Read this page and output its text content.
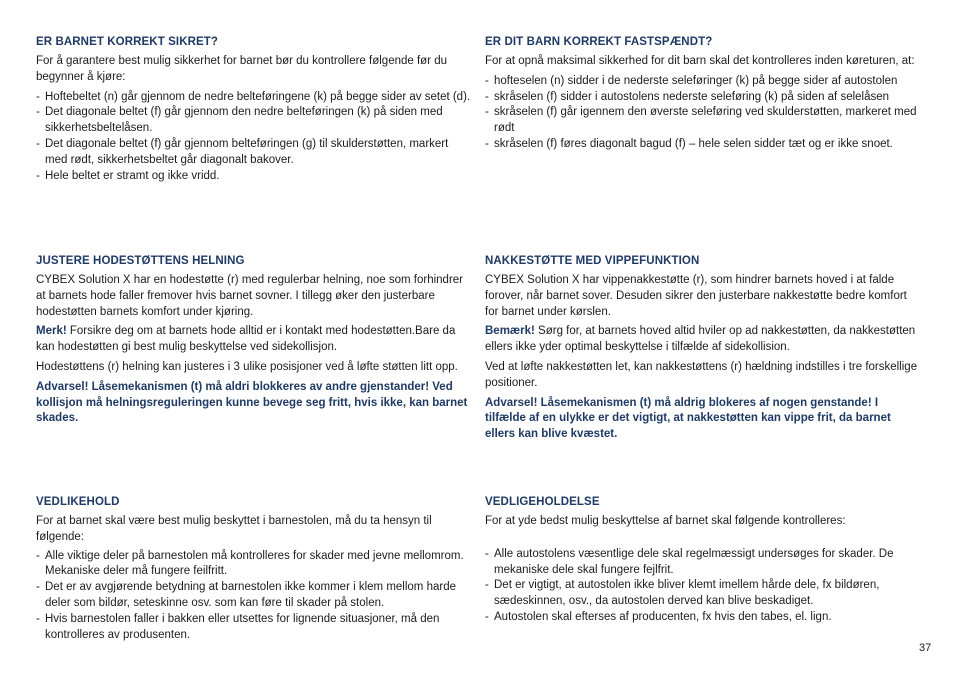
ER BARNET KORREKT SIKRET?

For å garantere best mulig sikkerhet for barnet bør du kontrollere følgende før du begynner å kjøre:

- Hoftebeltet (n) går gjennom de nedre belteføringene (k) på begge sider av setet (d).
- Det diagonale beltet (f) går gjennom den nedre belteføringen (k) på siden med sikkerhetsbeltelåsen.
- Det diagonale beltet (f) går gjennom belteføringen (g) til skulderstøtten, markert med rødt, sikkerhetsbeltet går diagonalt bakover.
- Hele beltet er stramt og ikke vridd.
JUSTERE HODESTØTTENS HELNING

CYBEX Solution X har en hodestøtte (r) med regulerbar helning, noe som forhindrer at barnets hode faller fremover hvis barnet sovner. I tillegg øker den justerbare hodestøtten barnets komfort under kjøring.

Merk! Forsikre deg om at barnets hode alltid er i kontakt med hodestøtten.Bare da kan hodestøtten gi best mulig beskyttelse ved sidekollisjon.

Hodestøttens (r) helning kan justeres i 3 ulike posisjoner ved å løfte støtten litt opp.

Advarsel! Låsemekanismen (t) må aldri blokkeres av andre gjenstander! Ved kollisjon må helningsreguleringen kunne bevege seg fritt, hvis ikke, kan barnet skades.

VEDLIKEHOLD

For at barnet skal være best mulig beskyttet i barnestolen, må du ta hensyn til følgende:

- Alle viktige deler på barnestolen må kontrolleres for skader med jevne mellomrom. Mekaniske deler må fungere feilfritt.
- Det er av avgjørende betydning at barnestolen ikke kommer i klem mellom harde deler som bildør, seteskinne osv. som kan føre til skader på stolen.
- Hvis barnestolen faller i bakken eller utsettes for lignende situasjoner, må den kontrolleres av produsenten.
ER DIT BARN KORREKT FASTSPÆNDT?

For at opnå maksimal sikkerhed for dit barn skal det kontrolleres inden køreturen, at:

- hofteselen (n) sidder i de nederste seleføringer (k) på begge sider af autostolen
- skråselen (f) sidder i autostolens nederste seleføring (k) på siden af selelåsen
- skråselen (f) går igennem den øverste seleføring ved skulderstøtten, markeret med rødt
- skråselen (f) føres diagonalt bagud (f) – hele selen sidder tæt og er ikke snoet.
NAKKESTØTTE MED VIPPEFUNKTION

CYBEX Solution X har vippenakkestøtte (r), som hindrer barnets hoved i at falde forover, når barnet sover. Desuden sikrer den justerbare nakkestøtte bedre komfort for barnet under kørslen.

Bemærk! Sørg for, at barnets hoved altid hviler op ad nakkestøtten, da nakkestøtten ellers ikke yder optimal beskyttelse i tilfælde af sidekollision.

Ved at løfte nakkestøtten let, kan nakkestøttens (r) hældning indstilles i tre forskellige positioner.

Advarsel! Låsemekanismen (t) må aldrig blokeres af nogen genstande! I tilfælde af en ulykke er det vigtigt, at nakkestøtten kan vippe frit, da barnet ellers kan blive kvæstet.

VEDLIGEHOLDELSE

For at yde bedst mulig beskyttelse af barnet skal følgende kontrolleres:

- Alle autostolens væsentlige dele skal regelmæssigt undersøges for skader. De mekaniske dele skal fungere fejlfrit.
- Det er vigtigt, at autostolen ikke bliver klemt imellem hårde dele, fx bildøren, sædeskinnen, osv., da autostolen derved kan blive beskadiget.
- Autostolen skal efterses af producenten, fx hvis den tabes, el. lign.
37
